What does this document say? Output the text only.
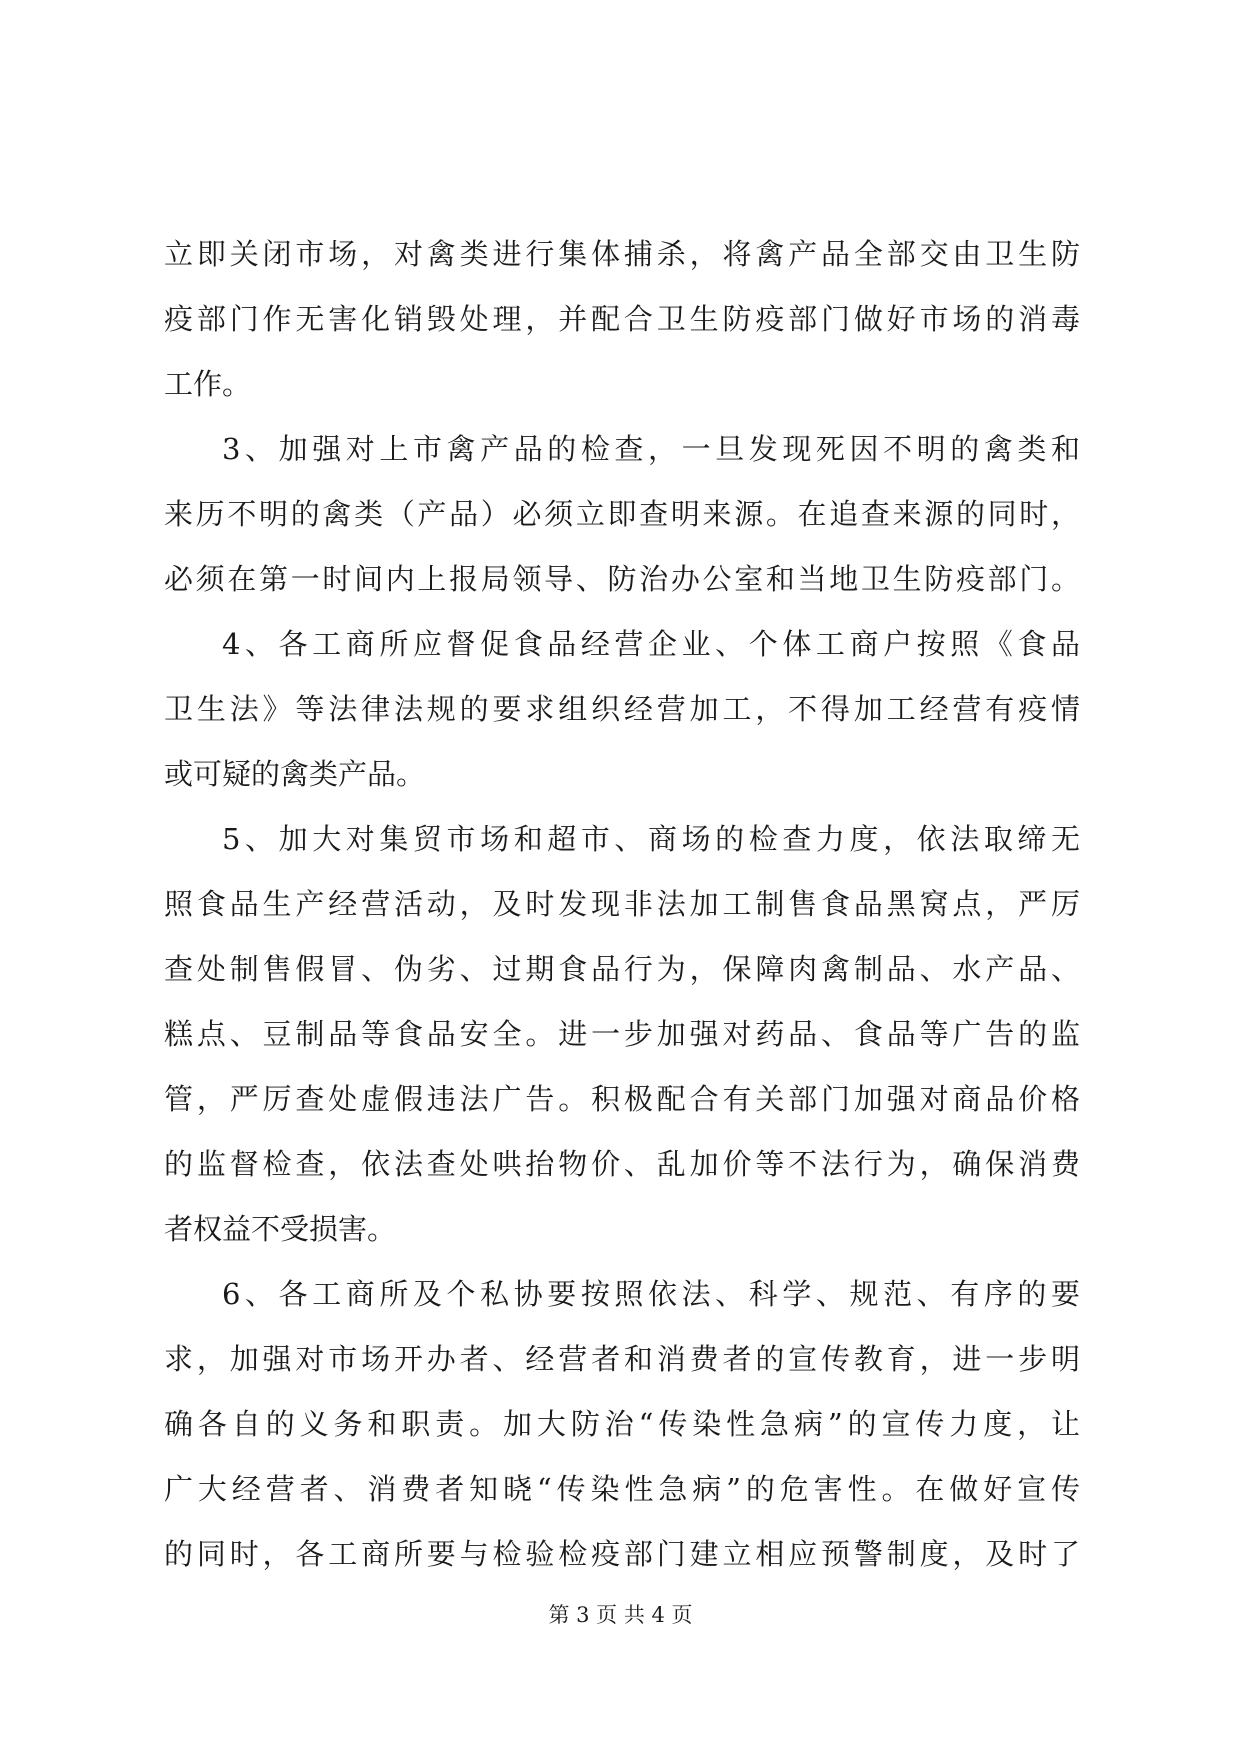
立即关闭市场，对禽类进行集体捕杀，将禽产品全部交由卫生防
疫部门作无害化销毁处理，并配合卫生防疫部门做好市场的消毒
工作。
3、加强对上市禽产品的检查，一旦发现死因不明的禽类和
来历不明的禽类（产品）必须立即查明来源。在追查来源的同时，
必须在第一时间内上报局领导、防治办公室和当地卫生防疫部门。
4、各工商所应督促食品经营企业、个体工商户按照《食品
卫生法》等法律法规的要求组织经营加工，不得加工经营有疫情
或可疑的禽类产品。
5、加大对集贸市场和超市、商场的检查力度，依法取缔无
照食品生产经营活动，及时发现非法加工制售食品黑窝点，严厉
查处制售假冒、伪劣、过期食品行为，保障肉禽制品、水产品、
糕点、豆制品等食品安全。进一步加强对药品、食品等广告的监
管，严厉查处虚假违法广告。积极配合有关部门加强对商品价格
的监督检查，依法查处哄抬物价、乱加价等不法行为，确保消费
者权益不受损害。
6、各工商所及个私协要按照依法、科学、规范、有序的要
求，加强对市场开办者、经营者和消费者的宣传教育，进一步明
确各自的义务和职责。加大防治“传染性急病”的宣传力度，让
广大经营者、消费者知晓“传染性急病”的危害性。在做好宣传
的同时，各工商所要与检验检疫部门建立相应预警制度，及时了
第 3 页 共 4 页
